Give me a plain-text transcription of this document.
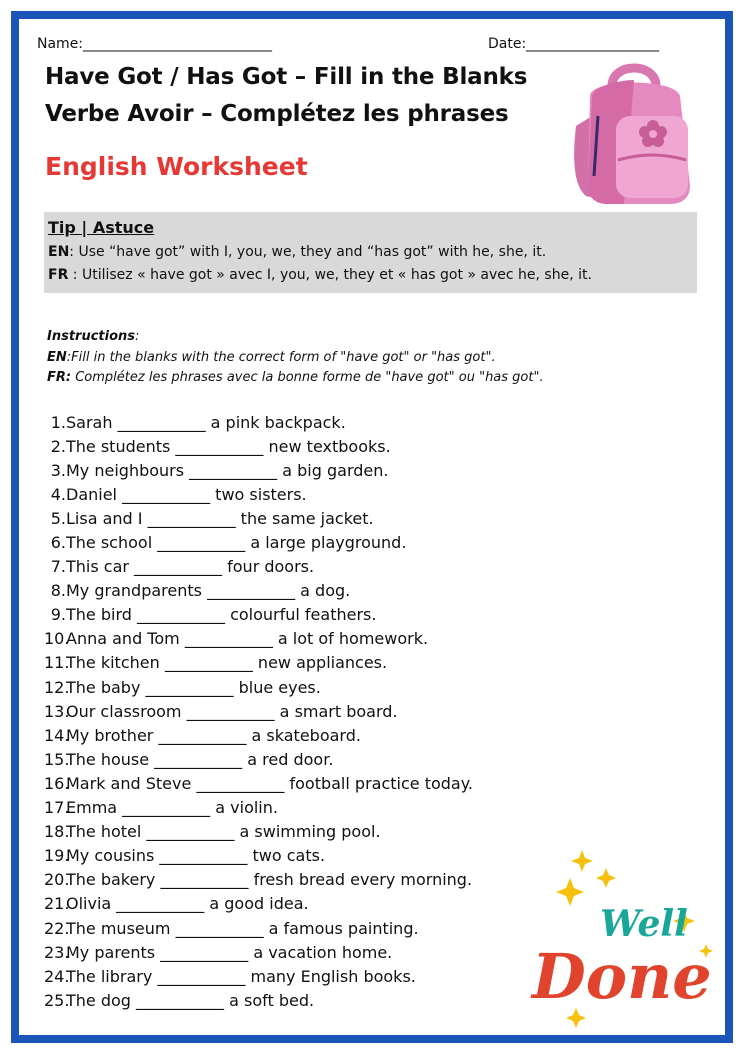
Name:___________________________	Date:___________________
Have Got / Has Got – Fill in the Blanks
Verbe Avoir – Complétez les phrases
English Worksheet
Tip | Astuce
EN: Use “have got” with I, you, we, they and “has got” with he, she, it.
FR : Utilisez « have got » avec I, you, we, they et « has got » avec he, she, it.
Instructions:
EN:Fill in the blanks with the correct form of "have got" or "has got".
FR: Complétez les phrases avec la bonne forme de "have got" ou "has got".
1. Sarah ___________ a pink backpack.
2. The students ___________ new textbooks.
3. My neighbours ___________ a big garden.
4. Daniel ___________ two sisters.
5. Lisa and I ___________ the same jacket.
6. The school ___________ a large playground.
7. This car ___________ four doors.
8. My grandparents ___________ a dog.
9. The bird ___________ colourful feathers.
10.
Anna and Tom ___________ a lot of homework.
11.
The kitchen ___________ new appliances.
12.
The baby ___________ blue eyes.
13.
Our classroom ___________ a smart board.
14.
My brother ___________ a skateboard.
15.
The house ___________ a red door.
16.
Mark and Steve ___________ football practice today.
17.
Emma ___________ a violin.
18.
The hotel ___________ a swimming pool.
19.
My cousins ___________ two cats.
20.
The bakery ___________ fresh bread every morning.
21.
Olivia ___________ a good idea.
22.
The museum ___________ a famous painting.
23.
My parents ___________ a vacation home.
24.
The library ___________ many English books.
25.
The dog ___________ a soft bed.
Well
Done
